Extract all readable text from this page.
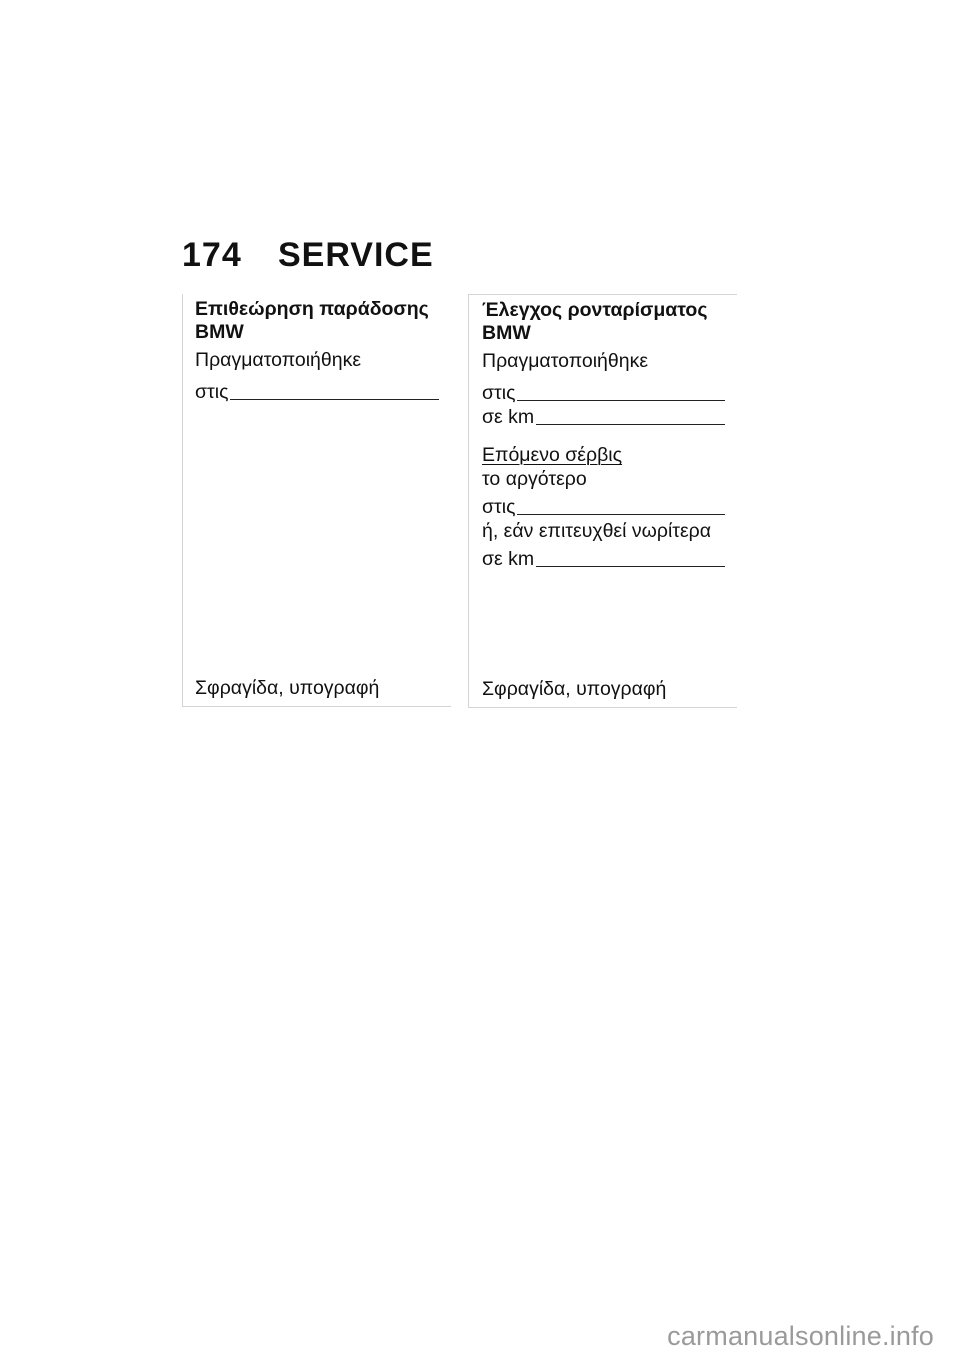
174	SERVICE
Επιθεώρηση παράδοσης
BMW
Πραγματοποιήθηκε
στις
Σφραγίδα, υπογραφή
Έλεγχος ρονταρίσματος
BMW
Πραγματοποιήθηκε
στις
σε km
Επόμενο σέρβις
το αργότερο
στις
ή, εάν επιτευχθεί νωρίτερα
σε km
Σφραγίδα, υπογραφή
carmanualsonline.info
